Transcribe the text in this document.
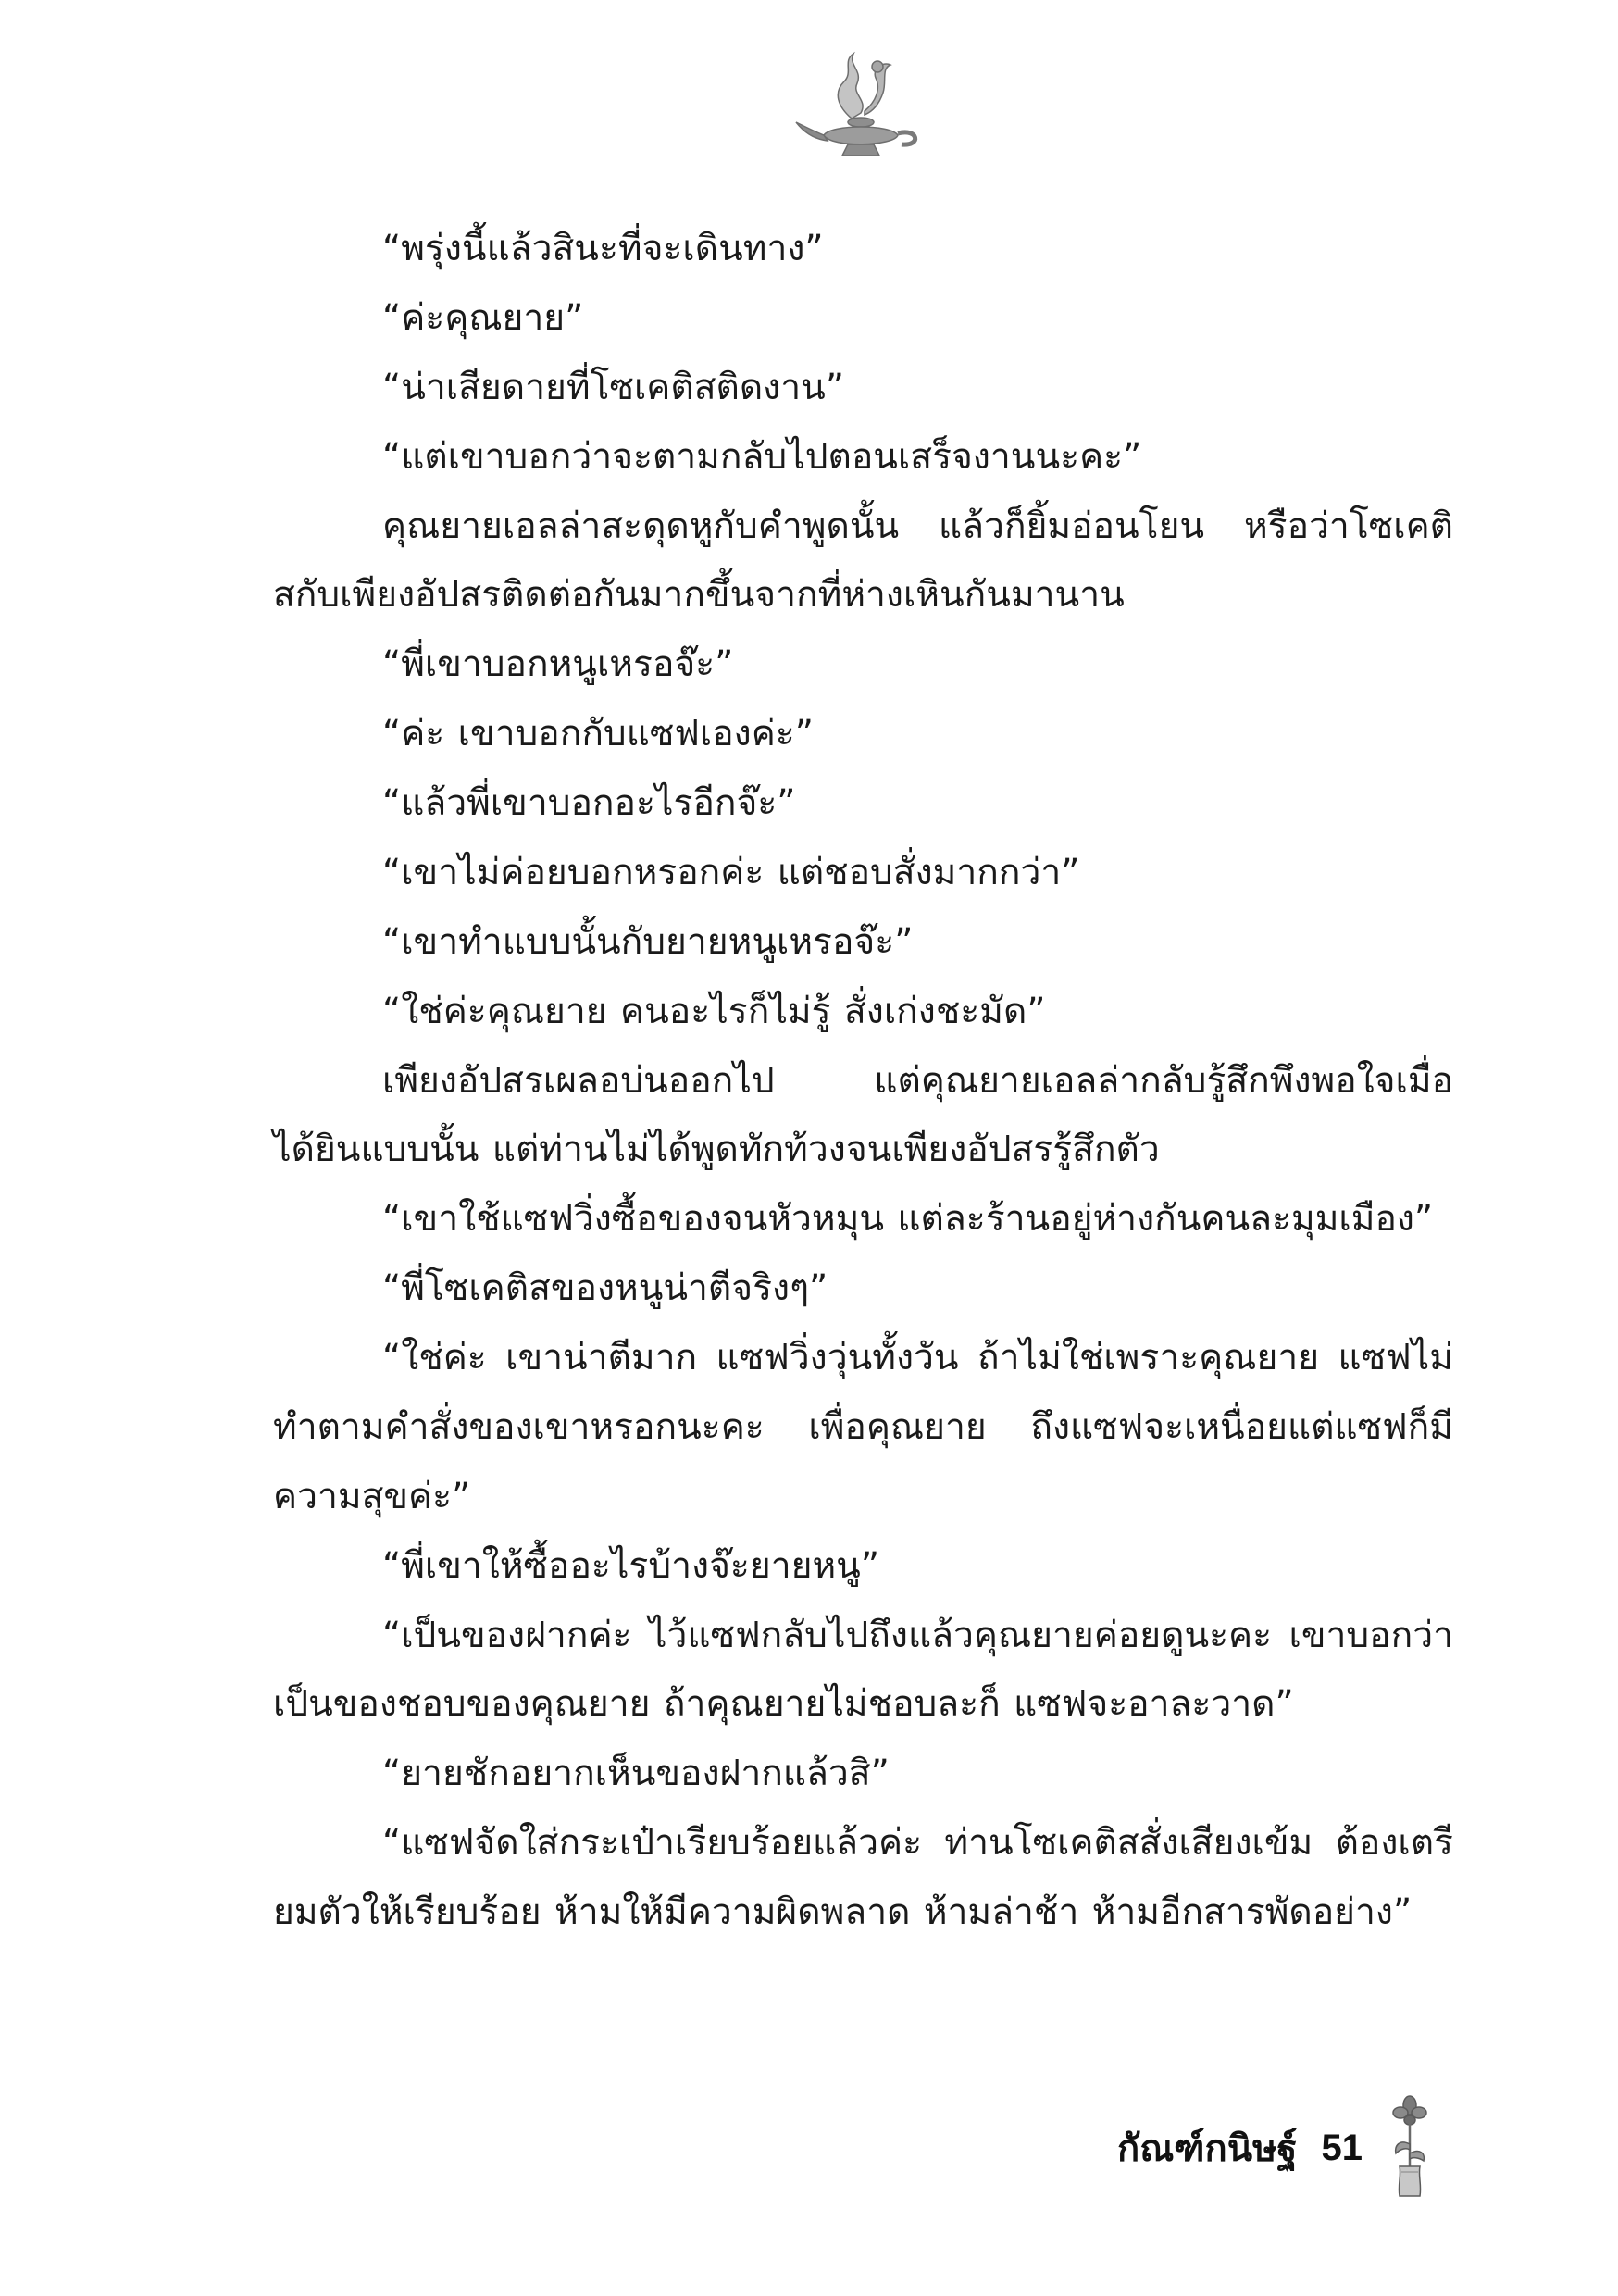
“พรุ่งนี้แล้วสินะที่จะเดินทาง”

“ค่ะคุณยาย”

“น่าเสียดายที่โซเคติสติดงาน”

“แต่เขาบอกว่าจะตามกลับไปตอนเสร็จงานนะคะ”

คุณยายเอลล่าสะดุดหูกับคำพูดนั้น แล้วก็ยิ้มอ่อนโยน หรือว่าโซเคติสกับเพียงอัปสรติดต่อกันมากขึ้นจากที่ห่างเหินกันมานาน

“พี่เขาบอกหนูเหรอจ๊ะ”

“ค่ะ เขาบอกกับแซฟเองค่ะ”

“แล้วพี่เขาบอกอะไรอีกจ๊ะ”

“เขาไม่ค่อยบอกหรอกค่ะ แต่ชอบสั่งมากกว่า”

“เขาทำแบบนั้นกับยายหนูเหรอจ๊ะ”

“ใช่ค่ะคุณยาย คนอะไรก็ไม่รู้ สั่งเก่งชะมัด”

เพียงอัปสรเผลอบ่นออกไป แต่คุณยายเอลล่ากลับรู้สึกพึงพอใจเมื่อได้ยินแบบนั้น แต่ท่านไม่ได้พูดทักท้วงจนเพียงอัปสรรู้สึกตัว

“เขาใช้แซฟวิ่งซื้อของจนหัวหมุน แต่ละร้านอยู่ห่างกันคนละมุมเมือง”

“พี่โซเคติสของหนูน่าตีจริงๆ”

“ใช่ค่ะ เขาน่าตีมาก แซฟวิ่งวุ่นทั้งวัน ถ้าไม่ใช่เพราะคุณยาย แซฟไม่ทำตามคำสั่งของเขาหรอกนะคะ เพื่อคุณยาย ถึงแซฟจะเหนื่อยแต่แซฟก็มีความสุขค่ะ”

“พี่เขาให้ซื้ออะไรบ้างจ๊ะยายหนู”

“เป็นของฝากค่ะ ไว้แซฟกลับไปถึงแล้วคุณยายค่อยดูนะคะ เขาบอกว่าเป็นของชอบของคุณยาย ถ้าคุณยายไม่ชอบละก็ แซฟจะอาละวาด”

“ยายชักอยากเห็นของฝากแล้วสิ”

“แซฟจัดใส่กระเป๋าเรียบร้อยแล้วค่ะ ท่านโซเคติสสั่งเสียงเข้ม ต้องเตรียมตัวให้เรียบร้อย ห้ามให้มีความผิดพลาด ห้ามล่าช้า ห้ามอีกสารพัดอย่าง”

กัณฑ์กนิษฐ์ 51
